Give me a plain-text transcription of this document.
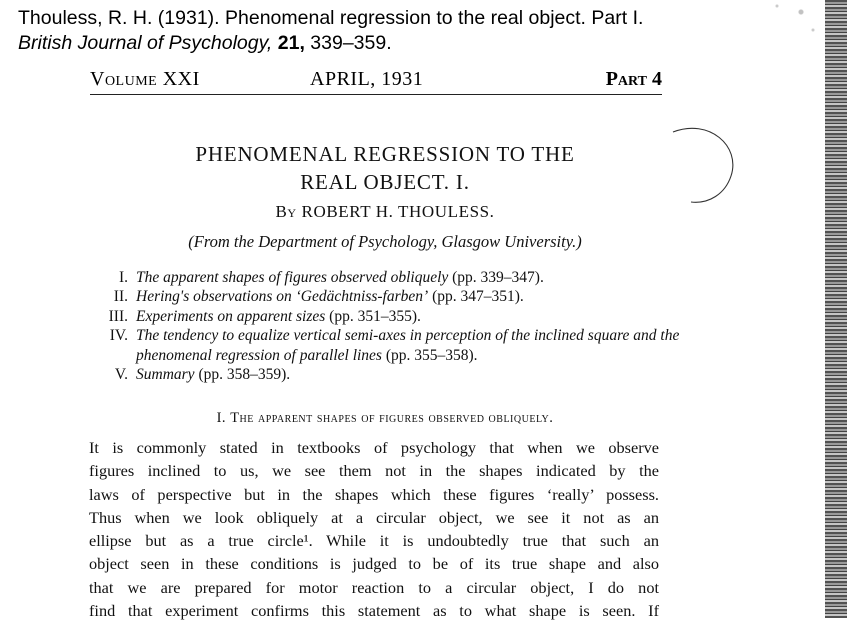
Thouless, R. H. (1931). Phenomenal regression to the real object. Part I.
British Journal of Psychology, 21, 339–359.
Volume XXI	APRIL, 1931	Part 4
PHENOMENAL REGRESSION TO THE
REAL OBJECT. I.
By ROBERT H. THOULESS.
(From the Department of Psychology, Glasgow University.)
I. The apparent shapes of figures observed obliquely (pp. 339–347).
II. Hering's observations on ‘Gedächtniss-farben’ (pp. 347–351).
III. Experiments on apparent sizes (pp. 351–355).
IV. The tendency to equalize vertical semi-axes in perception of the inclined square and the phenomenal regression of parallel lines (pp. 355–358).
V. Summary (pp. 358–359).
I. The apparent shapes of figures observed obliquely.
It is commonly stated in textbooks of psychology that when we observe
figures inclined to us, we see them not in the shapes indicated by the
laws of perspective but in the shapes which these figures ‘really’ possess.
Thus when we look obliquely at a circular object, we see it not as an
ellipse but as a true circle¹. While it is undoubtedly true that such an
object seen in these conditions is judged to be of its true shape and also
that we are prepared for motor reaction to a circular object, I do not
find that experiment confirms this statement as to what shape is seen. If
